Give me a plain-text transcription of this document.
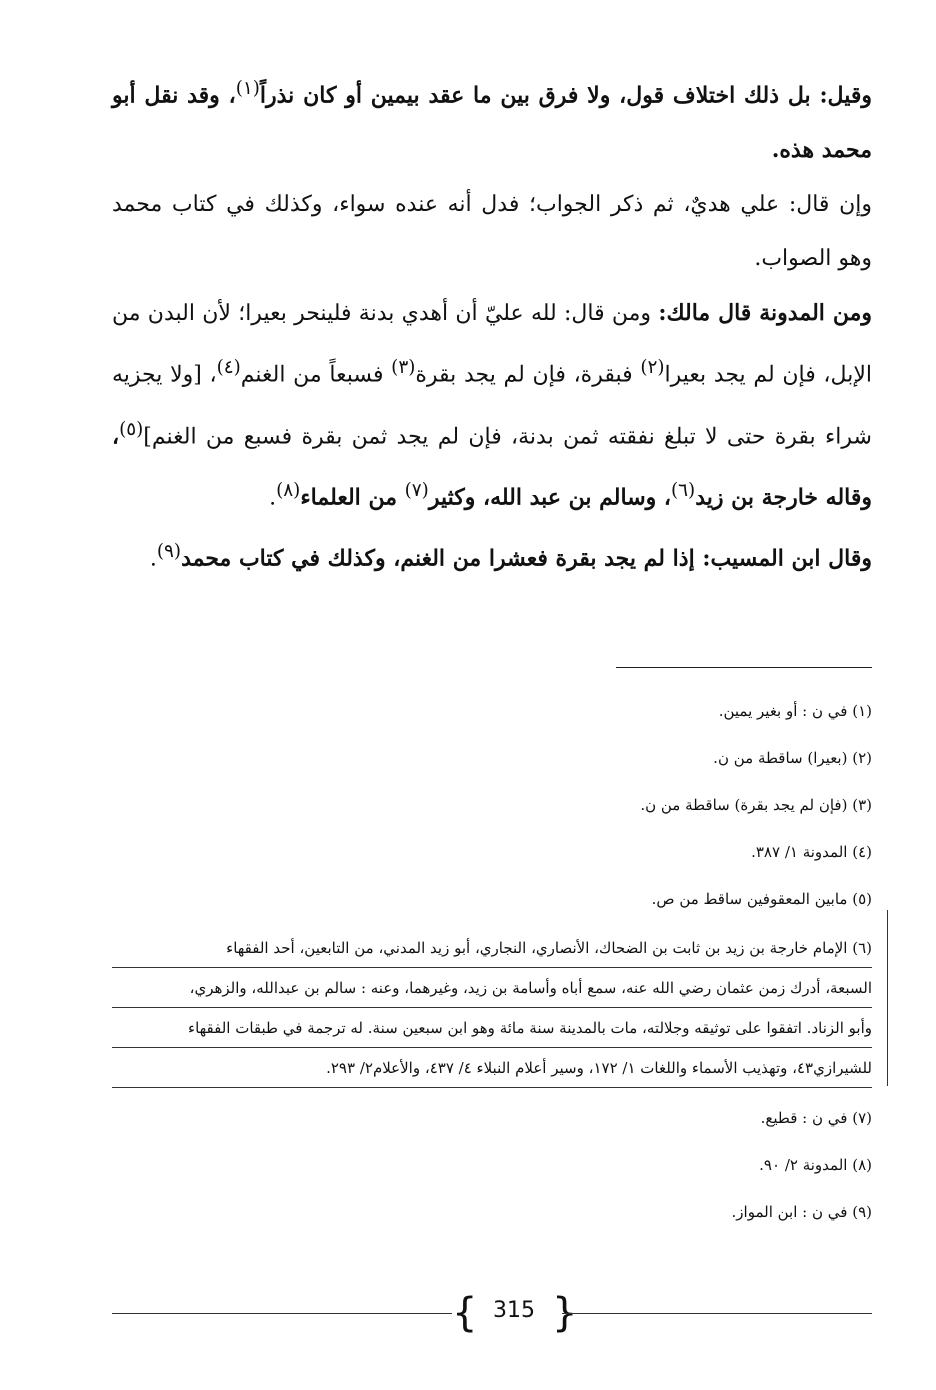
وقيل: بل ذلك اختلاف قول، ولا فرق بين ما عقد بيمين أو كان نذراً$^{(١)}$، وقد نقل أبو محمد هذه.

وإن قال: علي هديٌ، ثم ذكر الجواب؛ فدل أنه عنده سواء، وكذلك في كتاب محمد وهو الصواب.

ومن المدونة قال مالك: ومن قال: لله عليّ أن أهدي بدنة فلينحر بعيرا؛ لأن البدن من الإبل، فإن لم يجد بعيرا$^{(٢)}$ فبقرة، فإن لم يجد بقرة$^{(٣)}$ فسبعاً من الغنم$^{(٤)}$، [ولا يجزيه شراء بقرة حتى لا تبلغ نفقته ثمن بدنة، فإن لم يجد ثمن بقرة فسبع من الغنم]$^{(٥)}$، وقاله خارجة بن زيد$^{(٦)}$، وسالم بن عبد الله، وكثير$^{(٧)}$ من العلماء$^{(٨)}$.

وقال ابن المسيب: إذا لم يجد بقرة فعشرا من الغنم، وكذلك في كتاب محمد$^{(٩)}$.

(١) في ن : أو بغير يمين.
(٢) (بعيرا) ساقطة من ن.
(٣) (فإن لم يجد بقرة) ساقطة من ن.
(٤) المدونة ١/ ٣٨٧.
(٥) مابين المعقوفين ساقط من ص.
(٦) الإمام خارجة بن زيد بن ثابت بن الضحاك، الأنصاري، النجاري، أبو زيد المدني، من التابعين، أحد الفقهاء
السبعة، أدرك زمن عثمان رضي الله عنه، سمع أباه وأسامة بن زيد، وغيرهما، وعنه : سالم بن عبدالله، والزهري،
وأبو الزناد. اتفقوا على توثيقه وجلالته، مات بالمدينة سنة مائة وهو ابن سبعين سنة. له ترجمة في طبقات الفقهاء
للشيرازي٤٣، وتهذيب الأسماء واللغات ١/ ١٧٢، وسير أعلام النبلاء ٤/ ٤٣٧، والأعلام٢/ ٢٩٣.
(٧) في ن : قطيع.
(٨) المدونة ٢/ ٩٠.
(٩) في ن : ابن المواز.
{ 315 }
